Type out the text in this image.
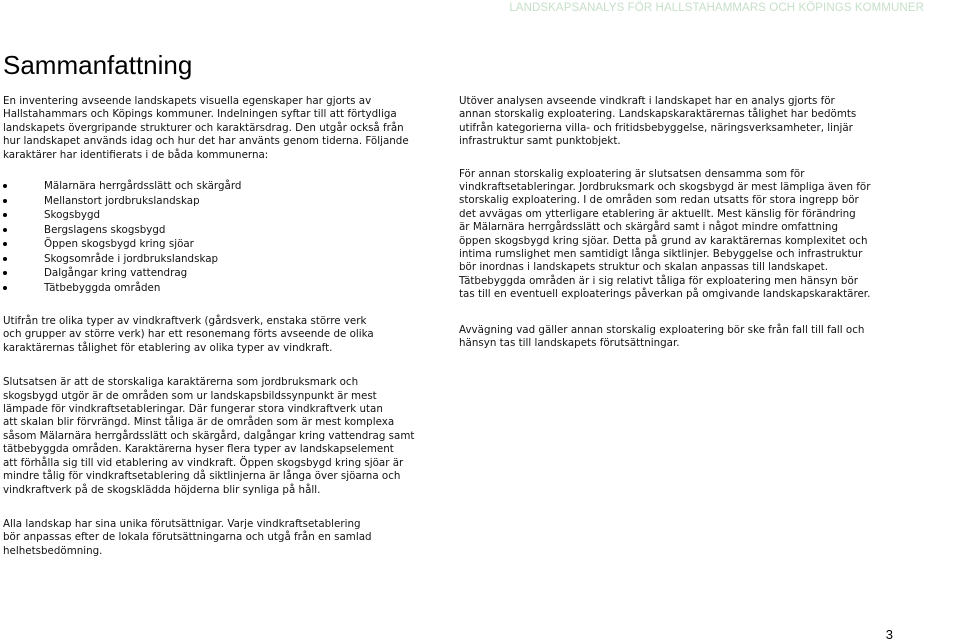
LANDSKAPSANALYS FÖR HALLSTAHAMMARS OCH KÖPINGS KOMMUNER
Sammanfattning

En inventering avseende landskapets visuella egenskaper har gjorts av
Hallstahammars och Köpings kommuner. Indelningen syftar till att förtydliga
landskapets övergripande strukturer och karaktärsdrag. Den utgår också från
hur landskapet används idag och hur det har använts genom tiderna. Följande
karaktärer har identifierats i de båda kommunerna:

Mälarnära herrgårdsslätt och skärgård
Mellanstort jordbrukslandskap
Skogsbygd
Bergslagens skogsbygd
Öppen skogsbygd kring sjöar
Skogsområde i jordbrukslandskap
Dalgångar kring vattendrag
Tätbebyggda områden

Utifrån tre olika typer av vindkraftverk (gårdsverk, enstaka större verk
och grupper av större verk) har ett resonemang förts avseende de olika
karaktärernas tålighet för etablering av olika typer av vindkraft.

Slutsatsen är att de storskaliga karaktärerna som jordbruksmark och
skogsbygd utgör är de områden som ur landskapsbildssynpunkt är mest
lämpade för vindkraftsetableringar. Där fungerar stora vindkraftverk utan
att skalan blir förvrängd. Minst tåliga är de områden som är mest komplexa
såsom Mälarnära herrgårdsslätt och skärgård, dalgångar kring vattendrag samt
tätbebyggda områden. Karaktärerna hyser flera typer av landskapselement
att förhålla sig till vid etablering av vindkraft. Öppen skogsbygd kring sjöar är
mindre tålig för vindkraftsetablering då siktlinjerna är långa över sjöarna och
vindkraftverk på de skogsklädda höjderna blir synliga på håll.

Alla landskap har sina unika förutsättnigar. Varje vindkraftsetablering
bör anpassas efter de lokala förutsättningarna och utgå från en samlad
helhetsbedömning.

Utöver analysen avseende vindkraft i landskapet har en analys gjorts för
annan storskalig exploatering. Landskapskaraktärernas tålighet har bedömts
utifrån kategorierna villa- och fritidsbebyggelse, näringsverksamheter, linjär
infrastruktur samt punktobjekt.

För annan storskalig exploatering är slutsatsen densamma som för
vindkraftsetableringar. Jordbruksmark och skogsbygd är mest lämpliga även för
storskalig exploatering. I de områden som redan utsatts för stora ingrepp bör
det avvägas om ytterligare etablering är aktuellt. Mest känslig för förändring
är Mälarnära herrgårdsslätt och skärgård samt i något mindre omfattning
öppen skogsbygd kring sjöar. Detta på grund av karaktärernas komplexitet och
intima rumslighet men samtidigt långa siktlinjer. Bebyggelse och infrastruktur
bör inordnas i landskapets struktur och skalan anpassas till landskapet.
Tätbebyggda områden är i sig relativt tåliga för exploatering men hänsyn bör
tas till en eventuell exploaterings påverkan på omgivande landskapskaraktärer.

Avvägning vad gäller annan storskalig exploatering bör ske från fall till fall och
hänsyn tas till landskapets förutsättningar.

3
